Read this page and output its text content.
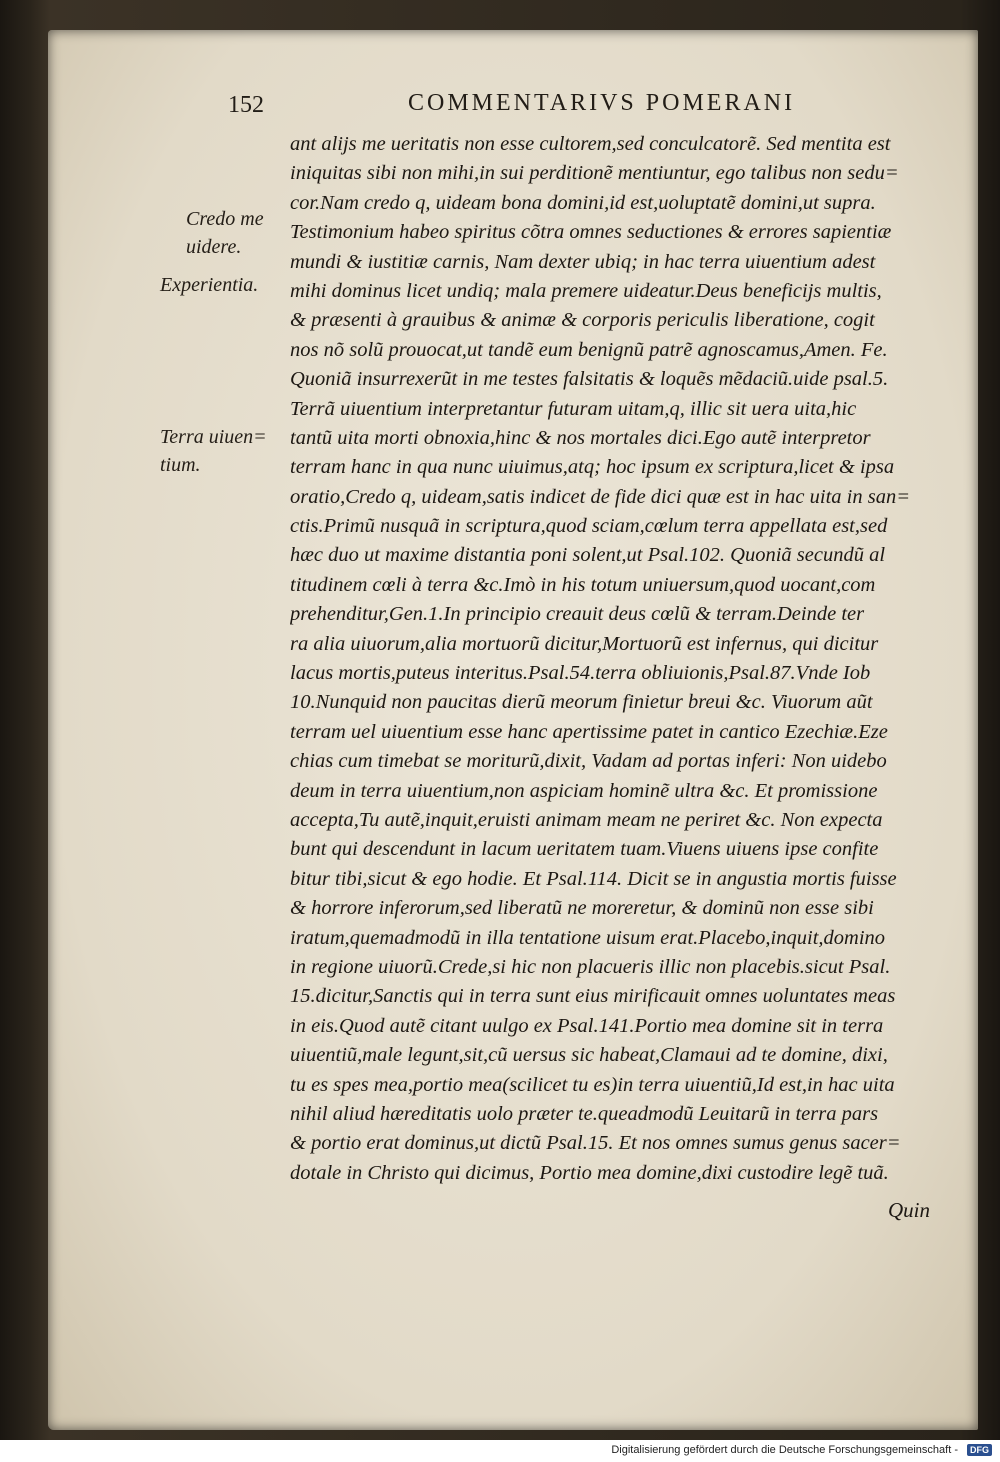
152	COMMENTARIVS POMERANI
Credo me
uidere.
Experientia.
Terra uiuen=
tium.
ant alijs me ueritatis non esse cultorem,sed conculcatorẽ. Sed mentita est
iniquitas sibi non mihi,in sui perditionẽ mentiuntur, ego talibus non sedu=
cor.Nam credo q, uideam bona domini,id est,uoluptatẽ domini,ut supra.
Testimonium habeo spiritus cõtra omnes seductiones & errores sapientiæ
mundi & iustitiæ carnis, Nam dexter ubiq; in hac terra uiuentium adest
mihi dominus licet undiq; mala premere uideatur.Deus beneficijs multis,
& præsenti à grauibus & animæ & corporis periculis liberatione, cogit
nos nõ solũ prouocat,ut tandẽ eum benignũ patrẽ agnoscamus,Amen. Fe.
Quoniã insurrexerũt in me testes falsitatis & loquẽs mẽdaciũ.uide psal.5.
Terrã uiuentium interpretantur futuram uitam,q, illic sit uera uita,hic
tantũ uita morti obnoxia,hinc & nos mortales dici.Ego autẽ interpretor
terram hanc in qua nunc uiuimus,atq; hoc ipsum ex scriptura,licet & ipsa
oratio,Credo q, uideam,satis indicet de fide dici quæ est in hac uita in san=
ctis.Primũ nusquã in scriptura,quod sciam,cœlum terra appellata est,sed
hæc duo ut maxime distantia poni solent,ut Psal.102. Quoniã secundũ al
titudinem cœli à terra &c.Imò in his totum uniuersum,quod uocant,com
prehenditur,Gen.1.In principio creauit deus cœlũ & terram.Deinde ter
ra alia uiuorum,alia mortuorũ dicitur,Mortuorũ est infernus, qui dicitur
lacus mortis,puteus interitus.Psal.54.terra obliuionis,Psal.87.Vnde Iob
10.Nunquid non paucitas dierũ meorum finietur breui &c. Viuorum aũt
terram uel uiuentium esse hanc apertissime patet in cantico Ezechiæ.Eze
chias cum timebat se moriturũ,dixit, Vadam ad portas inferi: Non uidebo
deum in terra uiuentium,non aspiciam hominẽ ultra &c. Et promissione
accepta,Tu autẽ,inquit,eruisti animam meam ne periret &c. Non expecta
bunt qui descendunt in lacum ueritatem tuam.Viuens uiuens ipse confite
bitur tibi,sicut & ego hodie. Et Psal.114. Dicit se in angustia mortis fuisse
& horrore inferorum,sed liberatũ ne moreretur, & dominũ non esse sibi
iratum,quemadmodũ in illa tentatione uisum erat.Placebo,inquit,domino
in regione uiuorũ.Crede,si hic non placueris illic non placebis.sicut Psal.
15.dicitur,Sanctis qui in terra sunt eius mirificauit omnes uoluntates meas
in eis.Quod autẽ citant uulgo ex Psal.141.Portio mea domine sit in terra
uiuentiũ,male legunt,sit,cũ uersus sic habeat,Clamaui ad te domine, dixi,
tu es spes mea,portio mea(scilicet tu es)in terra uiuentiũ,Id est,in hac uita
nihil aliud hæreditatis uolo præter te.queadmodũ Leuitarũ in terra pars
& portio erat dominus,ut dictũ Psal.15. Et nos omnes sumus genus sacer=
dotale in Christo qui dicimus, Portio mea domine,dixi custodire legẽ tuã.
Quin
Digitalisierung gefördert durch die Deutsche Forschungsgemeinschaft -	DFG
